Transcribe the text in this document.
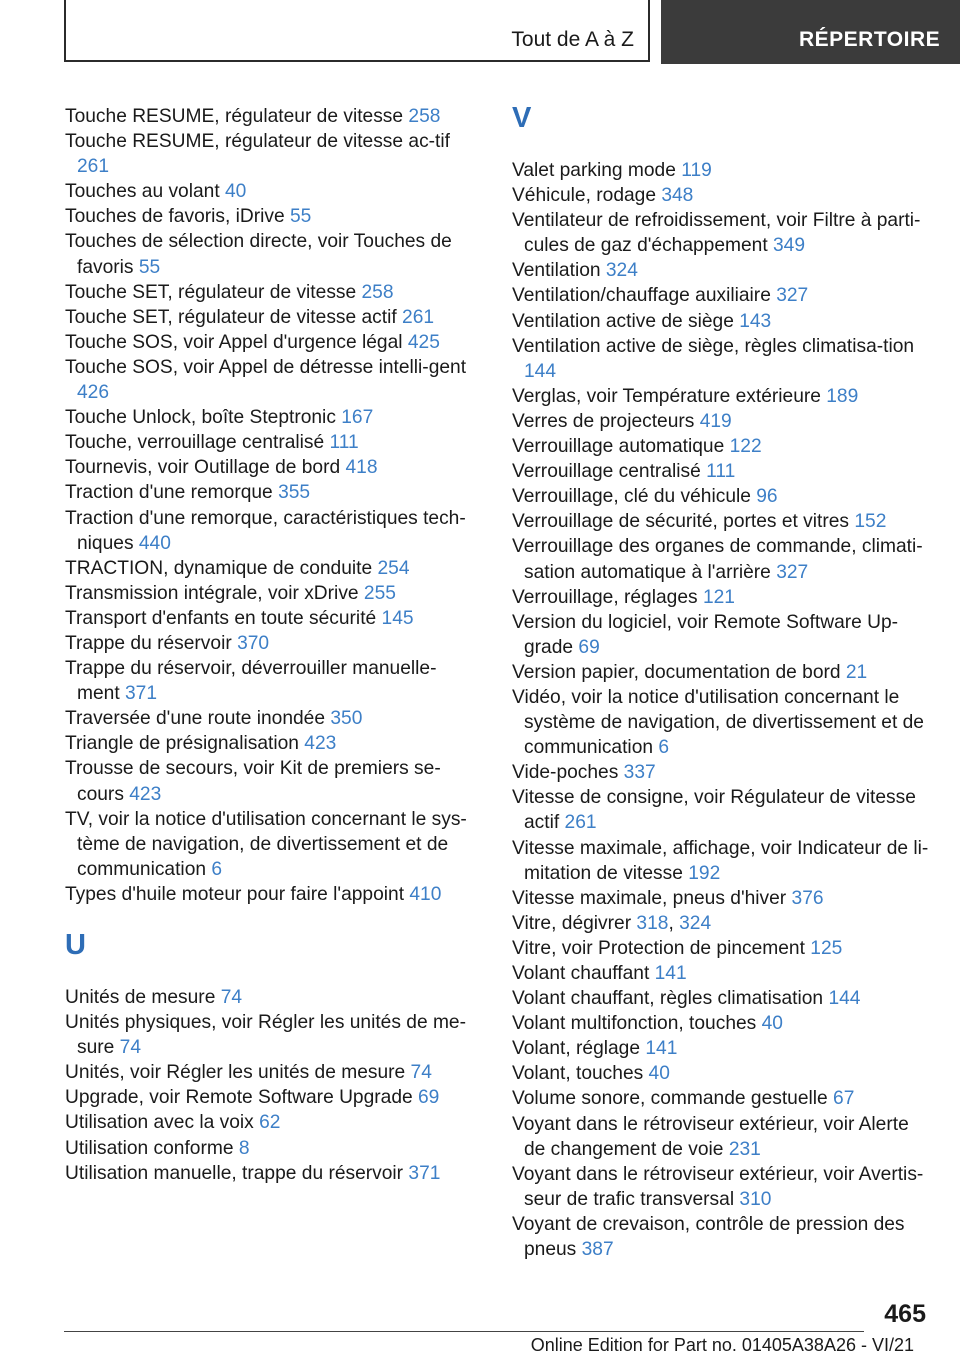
Tout de A à Z	RÉPERTOIRE
Touche RESUME, régulateur de vitesse 258
Touche RESUME, régulateur de vitesse ac‐tif 261
Touches au volant 40
Touches de favoris, iDrive 55
Touches de sélection directe, voir Touches de favoris 55
Touche SET, régulateur de vitesse 258
Touche SET, régulateur de vitesse actif 261
Touche SOS, voir Appel d'urgence légal 425
Touche SOS, voir Appel de détresse intelli‐gent 426
Touche Unlock, boîte Steptronic 167
Touche, verrouillage centralisé 111
Tournevis, voir Outillage de bord 418
Traction d'une remorque 355
Traction d'une remorque, caractéristiques tech‐niques 440
TRACTION, dynamique de conduite 254
Transmission intégrale, voir xDrive 255
Transport d'enfants en toute sécurité 145
Trappe du réservoir 370
Trappe du réservoir, déverrouiller manuelle‐ment 371
Traversée d'une route inondée 350
Triangle de présignalisation 423
Trousse de secours, voir Kit de premiers se‐cours 423
TV, voir la notice d'utilisation concernant le sys‐tème de navigation, de divertissement et de communication 6
Types d'huile moteur pour faire l'appoint 410
U
Unités de mesure 74
Unités physiques, voir Régler les unités de me‐sure 74
Unités, voir Régler les unités de mesure 74
Upgrade, voir Remote Software Upgrade 69
Utilisation avec la voix 62
Utilisation conforme 8
Utilisation manuelle, trappe du réservoir 371
V
Valet parking mode 119
Véhicule, rodage 348
Ventilateur de refroidissement, voir Filtre à parti‐cules de gaz d'échappement 349
Ventilation 324
Ventilation/chauffage auxiliaire 327
Ventilation active de siège 143
Ventilation active de siège, règles climatisa‐tion 144
Verglas, voir Température extérieure 189
Verres de projecteurs 419
Verrouillage automatique 122
Verrouillage centralisé 111
Verrouillage, clé du véhicule 96
Verrouillage de sécurité, portes et vitres 152
Verrouillage des organes de commande, climati‐sation automatique à l'arrière 327
Verrouillage, réglages 121
Version du logiciel, voir Remote Software Up‐grade 69
Version papier, documentation de bord 21
Vidéo, voir la notice d'utilisation concernant le système de navigation, de divertissement et de communication 6
Vide-poches 337
Vitesse de consigne, voir Régulateur de vitesse actif 261
Vitesse maximale, affichage, voir Indicateur de li‐mitation de vitesse 192
Vitesse maximale, pneus d'hiver 376
Vitre, dégivrer 318, 324
Vitre, voir Protection de pincement 125
Volant chauffant 141
Volant chauffant, règles climatisation 144
Volant multifonction, touches 40
Volant, réglage 141
Volant, touches 40
Volume sonore, commande gestuelle 67
Voyant dans le rétroviseur extérieur, voir Alerte de changement de voie 231
Voyant dans le rétroviseur extérieur, voir Avertis‐seur de trafic transversal 310
Voyant de crevaison, contrôle de pression des pneus 387
465
Online Edition for Part no. 01405A38A26 - VI/21
